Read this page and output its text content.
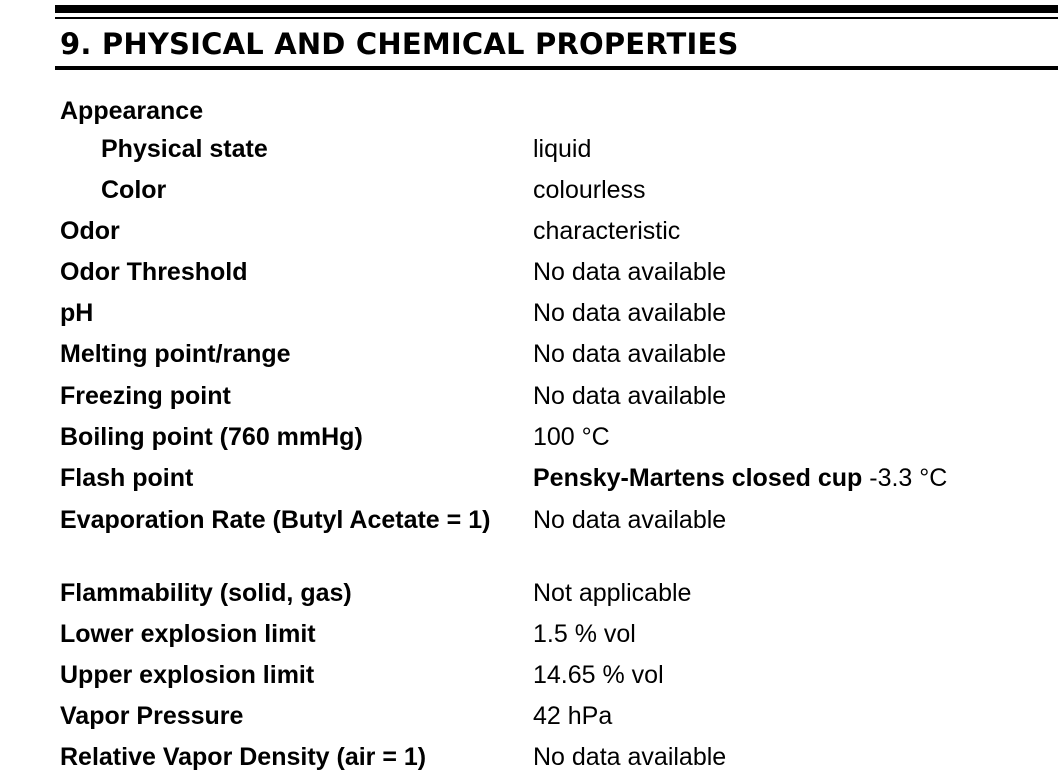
9. PHYSICAL AND CHEMICAL PROPERTIES
Appearance
Physical state	liquid
Color	colourless
Odor	characteristic
Odor Threshold	No data available
pH	No data available
Melting point/range	No data available
Freezing point	No data available
Boiling point (760 mmHg)	100 °C
Flash point	Pensky-Martens closed cup -3.3 °C
Evaporation Rate (Butyl Acetate = 1)	No data available
Flammability (solid, gas)	Not applicable
Lower explosion limit	1.5 % vol
Upper explosion limit	14.65 % vol
Vapor Pressure	42 hPa
Relative Vapor Density (air = 1)	No data available
